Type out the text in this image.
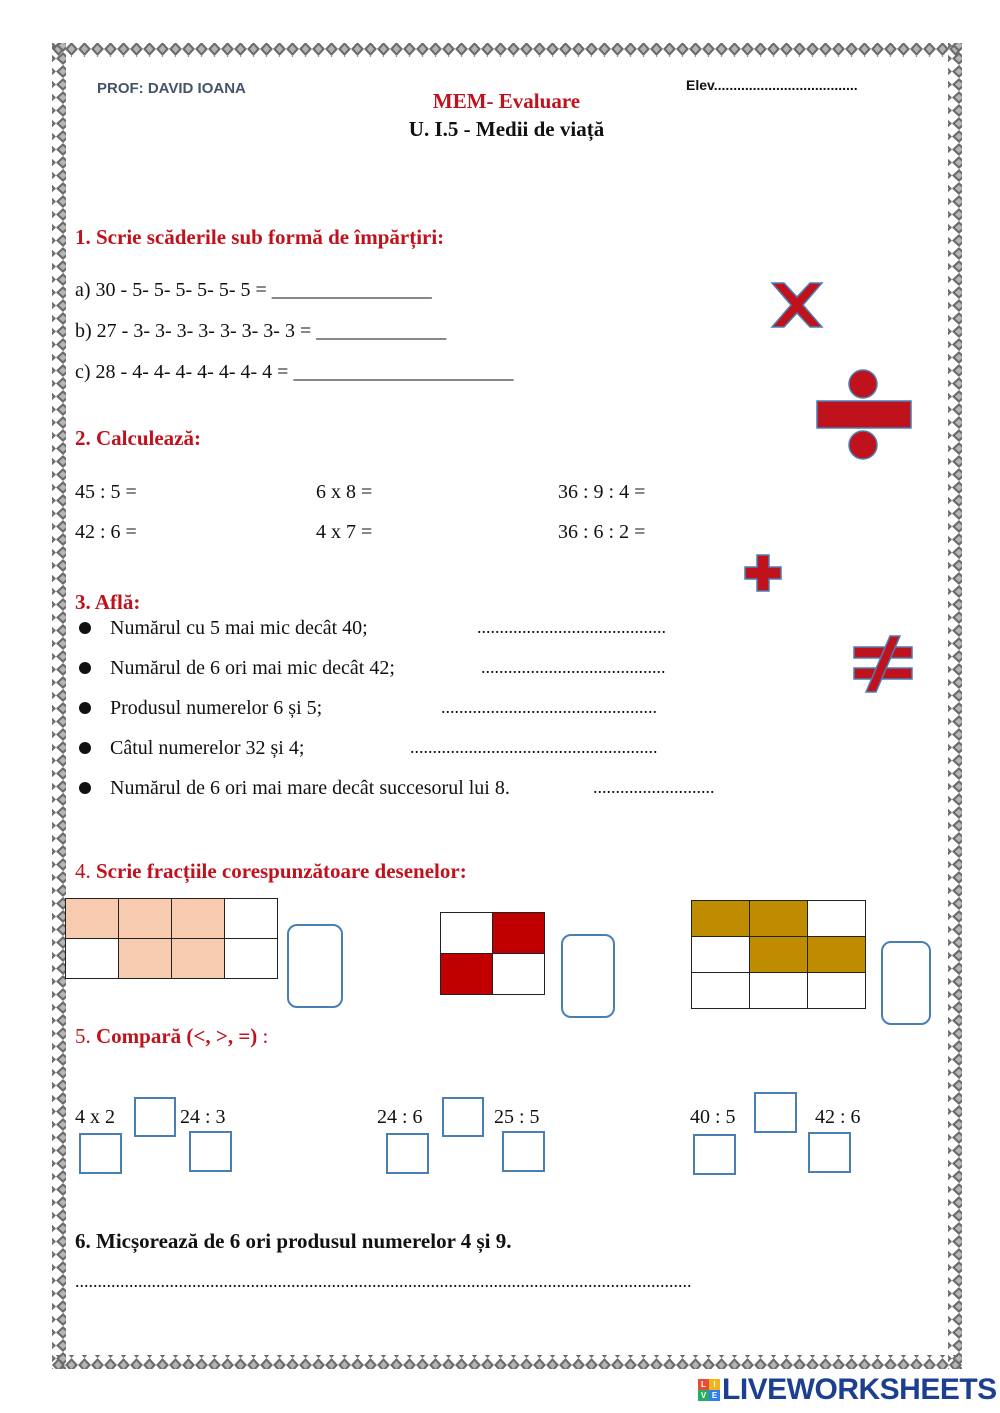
PROF: DAVID IOANA	Elev.....................................
MEM- Evaluare
U. I.5 - Medii de viață
1. Scrie scăderile sub formă de împărțiri:
a) 30 - 5- 5- 5- 5- 5- 5 = ________________
b) 27 - 3- 3- 3- 3- 3- 3- 3- 3 = _____________
c) 28 - 4- 4- 4- 4- 4- 4- 4 = ______________________
2. Calculează:
45 : 5 =	6 x 8 =	36 : 9 : 4 =
42 : 6 =	4 x 7 =	36 : 6 : 2 =
3. Află:
Numărul cu 5 mai mic decât 40;	..........................................
Numărul de 6 ori mai mic decât 42;	.........................................
Produsul numerelor 6 și 5;	................................................
Câtul numerelor 32 și 4;	.......................................................
Numărul de 6 ori mai mare decât succesorul lui 8.	...........................
4. Scrie fracțiile corespunzătoare desenelor:
5. Compară (<, >, =) :
4 x 2	24 : 3	24 : 6	25 : 5	40 : 5	42 : 6
6. Micșorează de 6 ori produsul numerelor 4 și 9.
.........................................................................................................................................
L I
V E LIVEWORKSHEETS
